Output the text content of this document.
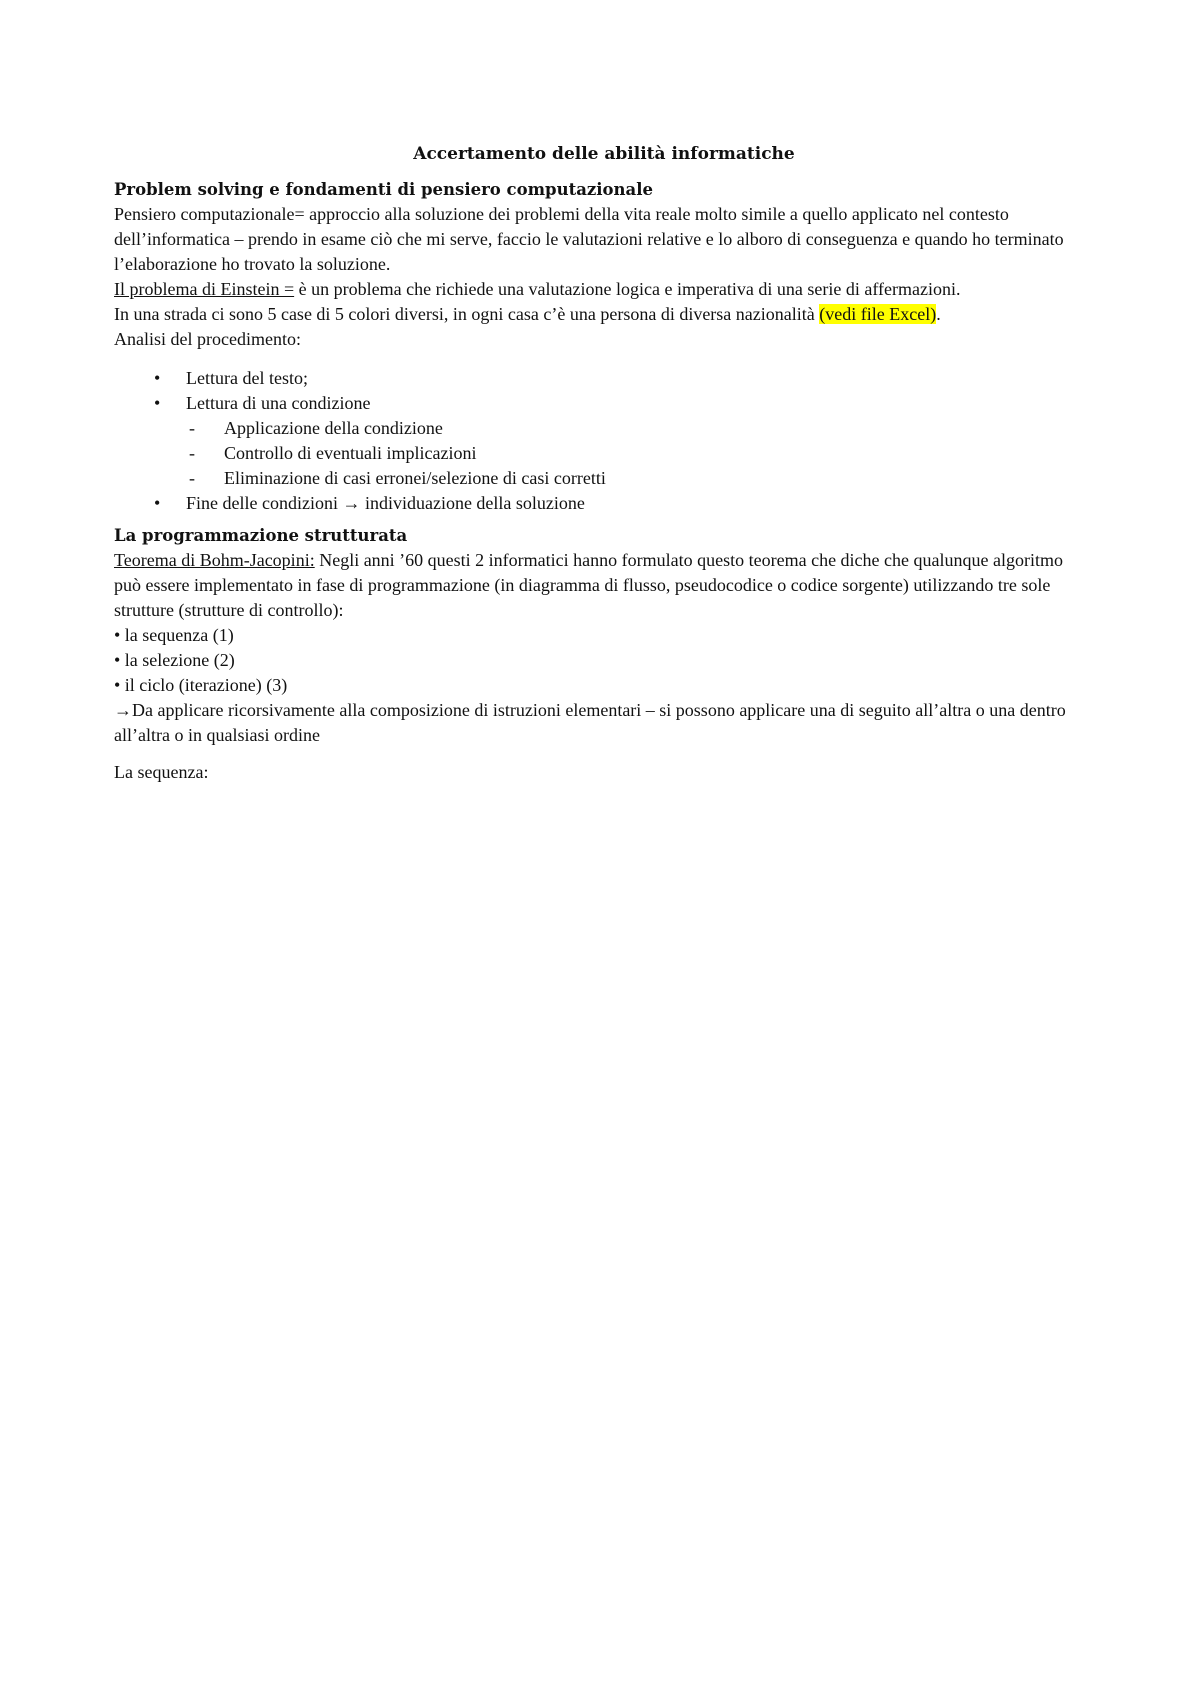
Accertamento delle abilità informatiche
Problem solving e fondamenti di pensiero computazionale

Pensiero computazionale= approccio alla soluzione dei problemi della vita reale molto simile a quello applicato nel contesto dell’informatica – prendo in esame ciò che mi serve, faccio le valutazioni relative e lo alboro di conseguenza e quando ho terminato l’elaborazione ho trovato la soluzione.

Il problema di Einstein = è un problema che richiede una valutazione logica e imperativa di una serie di affermazioni.

In una strada ci sono 5 case di 5 colori diversi, in ogni casa c’è una persona di diversa nazionalità (vedi file Excel).

Analisi del procedimento:

• Lettura del testo;
• Lettura di una condizione
- Applicazione della condizione
- Controllo di eventuali implicazioni
- Eliminazione di casi erronei/selezione di casi corretti
• Fine delle condizioni → individuazione della soluzione
La programmazione strutturata

Teorema di Bohm-Jacopini: Negli anni ’60 questi 2 informatici hanno formulato questo teorema che diche che qualunque algoritmo può essere implementato in fase di programmazione (in diagramma di flusso, pseudocodice o codice sorgente) utilizzando tre sole strutture (strutture di controllo):

• la sequenza (1)

• la selezione (2)

• il ciclo (iterazione) (3)

→Da applicare ricorsivamente alla composizione di istruzioni elementari – si possono applicare una di seguito all’altra o una dentro all’altra o in qualsiasi ordine

La sequenza:
